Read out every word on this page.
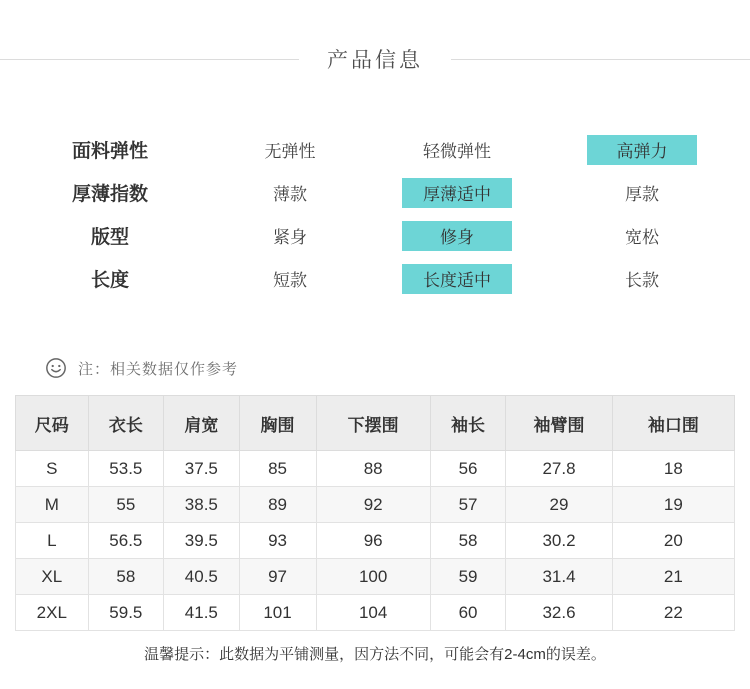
产品信息
面料弹性	无弹性	轻微弹性	高弹力
厚薄指数	薄款	厚薄适中	厚款
版型	紧身	修身	宽松
长度	短款	长度适中	长款
注：相关数据仅作参考
尺码	衣长	肩宽	胸围	下摆围	袖长	袖臂围	袖口围
S	53.5	37.5	85	88	56	27.8	18
M	55	38.5	89	92	57	29	19
L	56.5	39.5	93	96	58	30.2	20
XL	58	40.5	97	100	59	31.4	21
2XL	59.5	41.5	101	104	60	32.6	22
温馨提示：此数据为平铺测量，因方法不同，可能会有2-4cm的误差。
